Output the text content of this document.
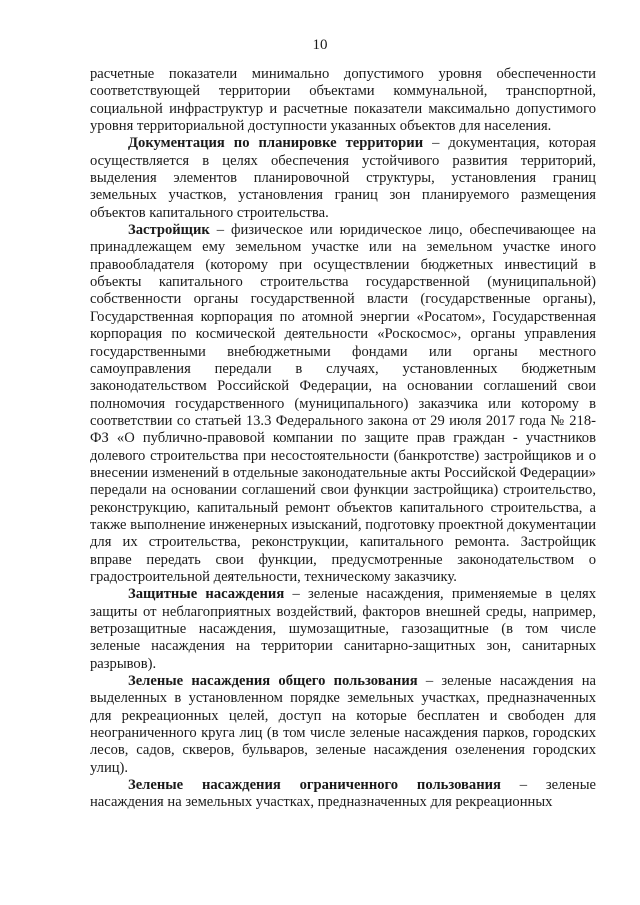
10

расчетные показатели минимально допустимого уровня обеспеченности соответствующей территории объектами коммунальной, транспортной, социальной инфраструктур и расчетные показатели максимально допустимого уровня территориальной доступности указанных объектов для населения.

Документация по планировке территории – документация, которая осуществляется в целях обеспечения устойчивого развития территорий, выделения элементов планировочной структуры, установления границ земельных участков, установления границ зон планируемого размещения объектов капитального строительства.

Застройщик – физическое или юридическое лицо, обеспечивающее на принадлежащем ему земельном участке или на земельном участке иного правообладателя (которому при осуществлении бюджетных инвестиций в объекты капитального строительства государственной (муниципальной) собственности органы государственной власти (государственные органы), Государственная корпорация по атомной энергии «Росатом», Государственная корпорация по космической деятельности «Роскосмос», органы управления государственными внебюджетными фондами или органы местного самоуправления передали в случаях, установленных бюджетным законодательством Российской Федерации, на основании соглашений свои полномочия государственного (муниципального) заказчика или которому в соответствии со статьей 13.3 Федерального закона от 29 июля 2017 года № 218-ФЗ «О публично-правовой компании по защите прав граждан - участников долевого строительства при несостоятельности (банкротстве) застройщиков и о внесении изменений в отдельные законодательные акты Российской Федерации» передали на основании соглашений свои функции застройщика) строительство, реконструкцию, капитальный ремонт объектов капитального строительства, а также выполнение инженерных изысканий, подготовку проектной документации для их строительства, реконструкции, капитального ремонта. Застройщик вправе передать свои функции, предусмотренные законодательством о градостроительной деятельности, техническому заказчику.

Защитные насаждения – зеленые насаждения, применяемые в целях защиты от неблагоприятных воздействий, факторов внешней среды, например, ветрозащитные насаждения, шумозащитные, газозащитные (в том числе зеленые насаждения на территории санитарно-защитных зон, санитарных разрывов).

Зеленые насаждения общего пользования – зеленые насаждения на выделенных в установленном порядке земельных участках, предназначенных для рекреационных целей, доступ на которые бесплатен и свободен для неограниченного круга лиц (в том числе зеленые насаждения парков, городских лесов, садов, скверов, бульваров, зеленые насаждения озеленения городских улиц).

Зеленые насаждения ограниченного пользования – зеленые насаждения на земельных участках, предназначенных для рекреационных
